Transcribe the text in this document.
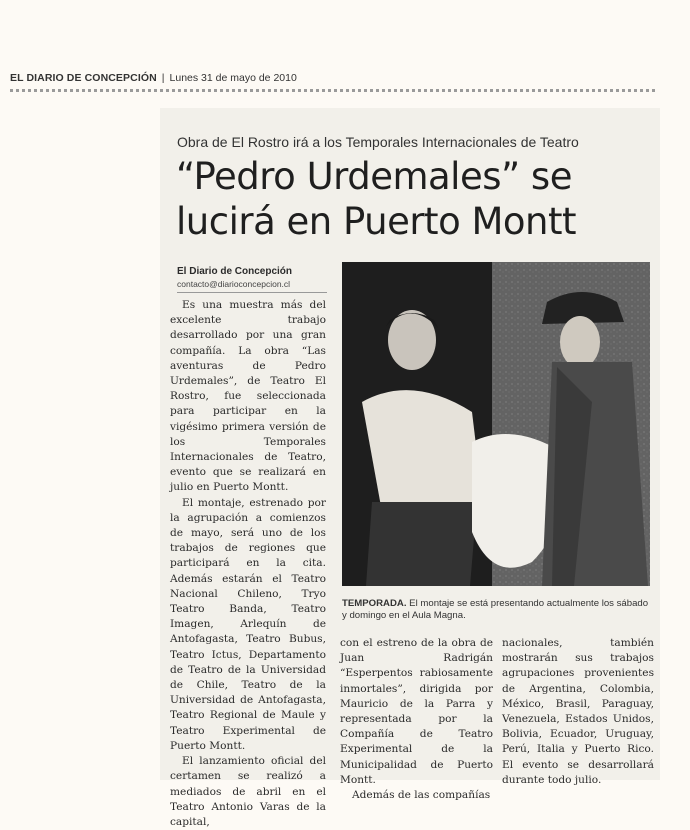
EL DIARIO DE CONCEPCIÓN | Lunes 31 de mayo de 2010
Obra de El Rostro irá a los Temporales Internacionales de Teatro
“Pedro Urdemales” se lucirá en Puerto Montt
El Diario de Concepción
contacto@diarioconcepcion.cl

Es una muestra más del excelente trabajo desarrollado por una gran compañía. La obra “Las aventuras de Pedro Urdemales”, de Teatro El Rostro, fue seleccionada para participar en la vigésimo primera versión de los Temporales Internacionales de Teatro, evento que se realizará en julio en Puerto Montt.

El montaje, estrenado por la agrupación a comienzos de mayo, será uno de los trabajos de regiones que participará en la cita. Además estarán el Teatro Nacional Chileno, Tryo Teatro Banda, Teatro Imagen, Arlequín de Antofagasta, Teatro Bubus, Teatro Ictus, Departamento de Teatro de la Universidad de Chile, Teatro de la Universidad de Antofagasta, Teatro Regional de Maule y Teatro Experimental de Puerto Montt.

El lanzamiento oficial del certamen se realizó a mediados de abril en el Teatro Antonio Varas de la capital,

TEMPORADA. El montaje se está presentando actualmente los sábado y domingo en el Aula Magna.

con el estreno de la obra de Juan Radrigán “Esperpentos rabiosamente inmortales”, dirigida por Mauricio de la Parra y representada por la Compañía de Teatro Experimental de la Municipalidad de Puerto Montt.

Además de las compañías

nacionales, también mostrarán sus trabajos agrupaciones provenientes de Argentina, Colombia, México, Brasil, Paraguay, Venezuela, Estados Unidos, Bolivia, Ecuador, Uruguay, Perú, Italia y Puerto Rico. El evento se desarrollará durante todo julio.
